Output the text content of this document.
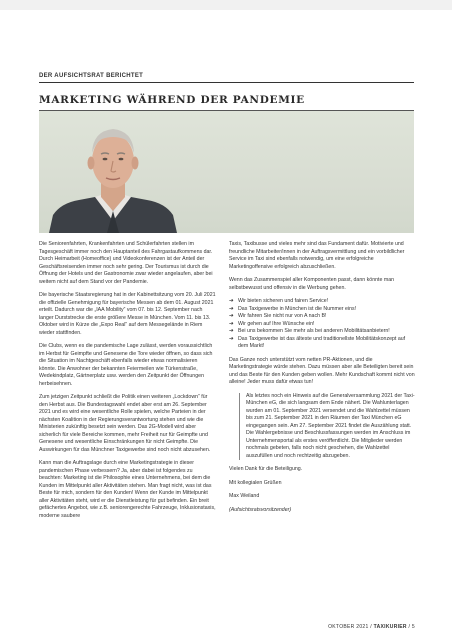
DER AUFSICHTSRAT BERICHTET
MARKETING WÄHREND DER PANDEMIE

Die Seniorenfahrten, Krankenfahrten und Schülerfahrten stellen im Tagesgeschäft immer noch den Hauptanteil des Fahrgastaufkommens dar. Durch Heimarbeit (Homeoffice) und Videokonferenzen ist der Anteil der Geschäftsreisenden immer noch sehr gering. Der Tourismus ist durch die Öffnung der Hotels und der Gastronomie zwar wieder angelaufen, aber bei weitem nicht auf dem Stand vor der Pandemie.

Die bayerische Staatsregierung hat in der Kabinettsitzung vom 20. Juli 2021 die offizielle Genehmigung für bayerische Messen ab dem 01. August 2021 erteilt. Dadurch war die „IAA Mobility“ vom 07. bis 12. September nach langer Durststrecke die erste größere Messe in München. Vom 11. bis 13. Oktober wird in Kürze die „Expo Real“ auf dem Messegelände in Riem wieder stattfinden.

Die Clubs, wenn es die pandemische Lage zulässt, werden voraussichtlich im Herbst für Geimpfte und Genesene die Tore wieder öffnen, so dass sich die Situation im Nachtgeschäft ebenfalls wieder etwas normalisieren könnte. Die Anwohner der bekannten Feiermeilen wie Türkenstraße, Wedekindplatz, Gärtnerplatz usw. werden den Zeitpunkt der Öffnungen herbeisehnen.

Zum jetzigen Zeitpunkt schließt die Politik einen weiteren „Lockdown“ für den Herbst aus. Die Bundestagswahl endet aber erst am 26. September 2021 und es wird eine wesentliche Rolle spielen, welche Parteien in der nächsten Koalition in der Regierungsverantwortung stehen und wie die Ministerien zukünftig besetzt sein werden. Das 2G-Modell wird aber sicherlich für viele Bereiche kommen, mehr Freiheit nur für Geimpfte und Genesene und wesentliche Einschränkungen für nicht Geimpfte. Die Auswirkungen für das Münchner Taxigewerbe sind noch nicht abzusehen.

Kann man die Auftragslage durch eine Marketingstrategie in dieser pandemischen Phase verbessern? Ja, aber dabei ist folgendes zu beachten: Marketing ist die Philosophie eines Unternehmens, bei dem die Kunden im Mittelpunkt aller Aktivitäten stehen. Man fragt nicht, was ist das Beste für mich, sondern für den Kunden! Wenn der Kunde im Mittelpunkt aller Aktivitäten steht, wird er die Dienstleistung für gut befinden. Ein breit gefächertes Angebot, wie z.B. seniorengerechte Fahrzeuge, Inklusionstaxis, moderne saubere

Taxis, Taxibusse und vieles mehr sind das Fundament dafür. Motivierte und freundliche Mitarbeiter/innen in der Auftragsvermittlung und ein vorbildlicher Service im Taxi sind ebenfalls notwendig, um eine erfolgreiche Marketingoffensive erfolgreich abzuschließen.

Wenn das Zusammenspiel aller Komponenten passt, dann könnte man selbstbewusst und offensiv in die Werbung gehen.

➔ Wir bieten sicheren und fairen Service!
➔ Das Taxigewerbe in München ist die Nummer eins!
➔ Wir fahren Sie nicht nur von A nach B!
➔ Wir gehen auf Ihre Wünsche ein!
➔ Bei uns bekommen Sie mehr als bei anderen Mobilitätsanbietern!
➔ Das Taxigewerbe ist das älteste und traditionellste Mobilitätskonzept auf dem Markt!

Das Ganze noch unterstützt vom netten PR-Aktionen, und die Marketingstrategie würde stehen. Dazu müssen aber alle Beteiligten bereit sein und das Beste für den Kunden geben wollen. Mehr Kundschaft kommt nicht von alleine! Jeder muss dafür etwas tun!

Als letztes noch ein Hinweis auf die Generalversammlung 2021 der Taxi-München eG, die sich langsam dem Ende nähert. Die Wahlunterlagen wurden am 01. September 2021 versendet und die Wahlzettel müssen bis zum 21. September 2021 in den Räumen der Taxi München eG eingegangen sein. Am 27. September 2021 findet die Auszählung statt. Die Wahlergebnisse und Beschlussfassungen werden im Anschluss im Unternehmensportal als erstes veröffentlicht. Die Mitglieder werden nochmals gebeten, falls noch nicht geschehen, die Wahlzettel auszufüllen und noch rechtzeitig abzugeben.

Vielen Dank für die Beteiligung.

Mit kollegialen Grüßen

Max Weiland

(Aufsichtsratsvorsitzender)

OKTOBER 2021 / TAXIKURIER / 5
